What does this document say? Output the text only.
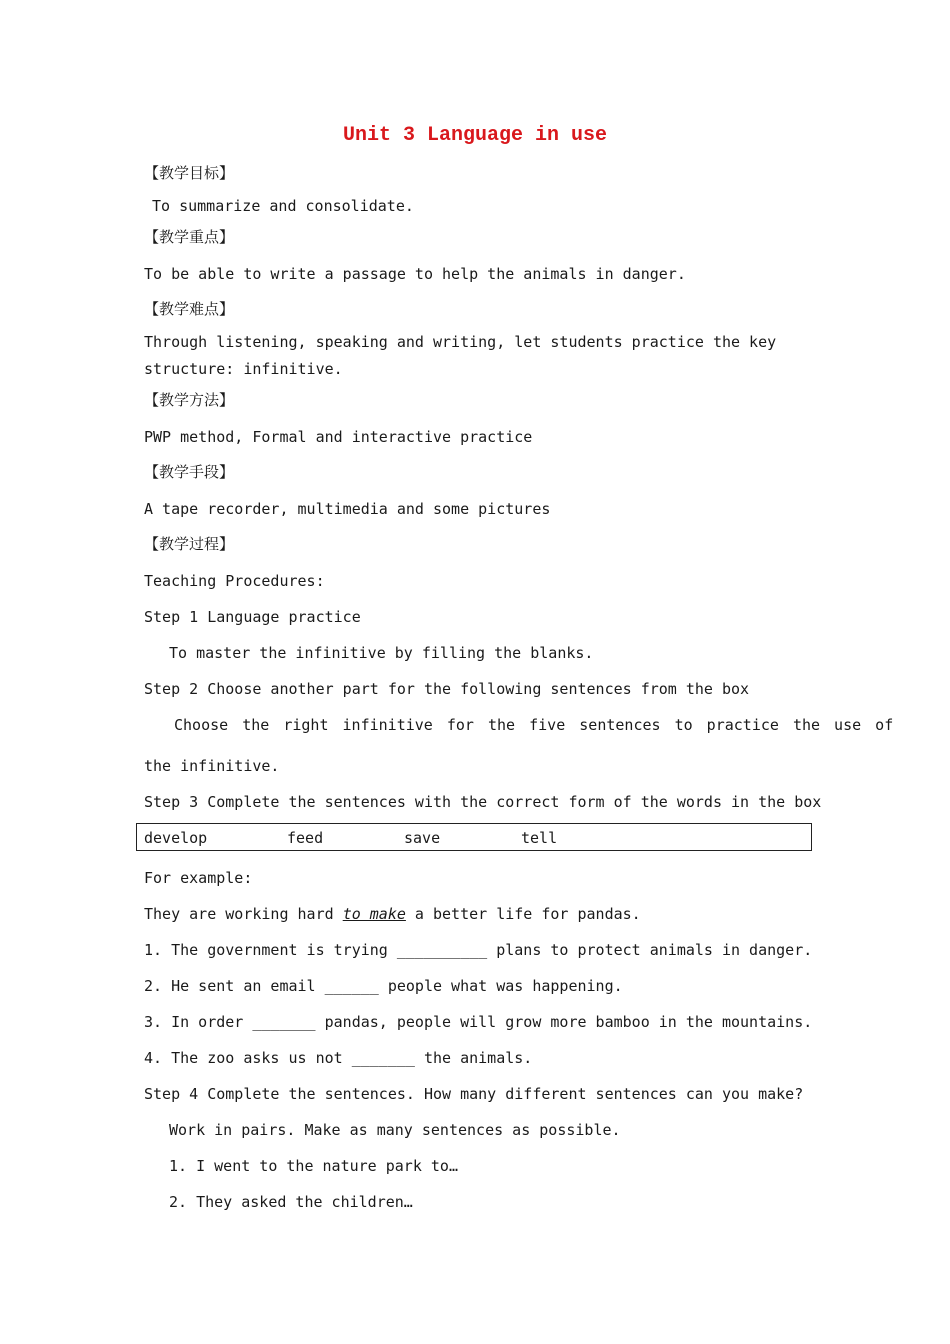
Unit 3 Language in use
【教学目标】
To summarize and consolidate.
【教学重点】
To be able to write a passage to help the animals in danger.
【教学难点】
Through listening, speaking and writing, let students practice the key
structure: infinitive.
【教学方法】
PWP method, Formal and interactive practice
【教学手段】
A tape recorder, multimedia and some pictures
【教学过程】
Teaching Procedures:
Step 1 Language practice
To master the infinitive by filling the blanks.
Step 2 Choose another part for the following sentences from the box
Choose the right infinitive for the five sentences to practice the use of
the infinitive.
Step 3 Complete the sentences with the correct form of the words in the box
develop	feed	save	tell
For example:
They are working hard to make a better life for pandas.
1. The government is trying __________ plans to protect animals in danger.
2. He sent an email ______ people what was happening.
3. In order _______ pandas, people will grow more bamboo in the mountains.
4. The zoo asks us not _______ the animals.
Step 4 Complete the sentences. How many different sentences can you make?
Work in pairs. Make as many sentences as possible.
1. I went to the nature park to…
2. They asked the children…
